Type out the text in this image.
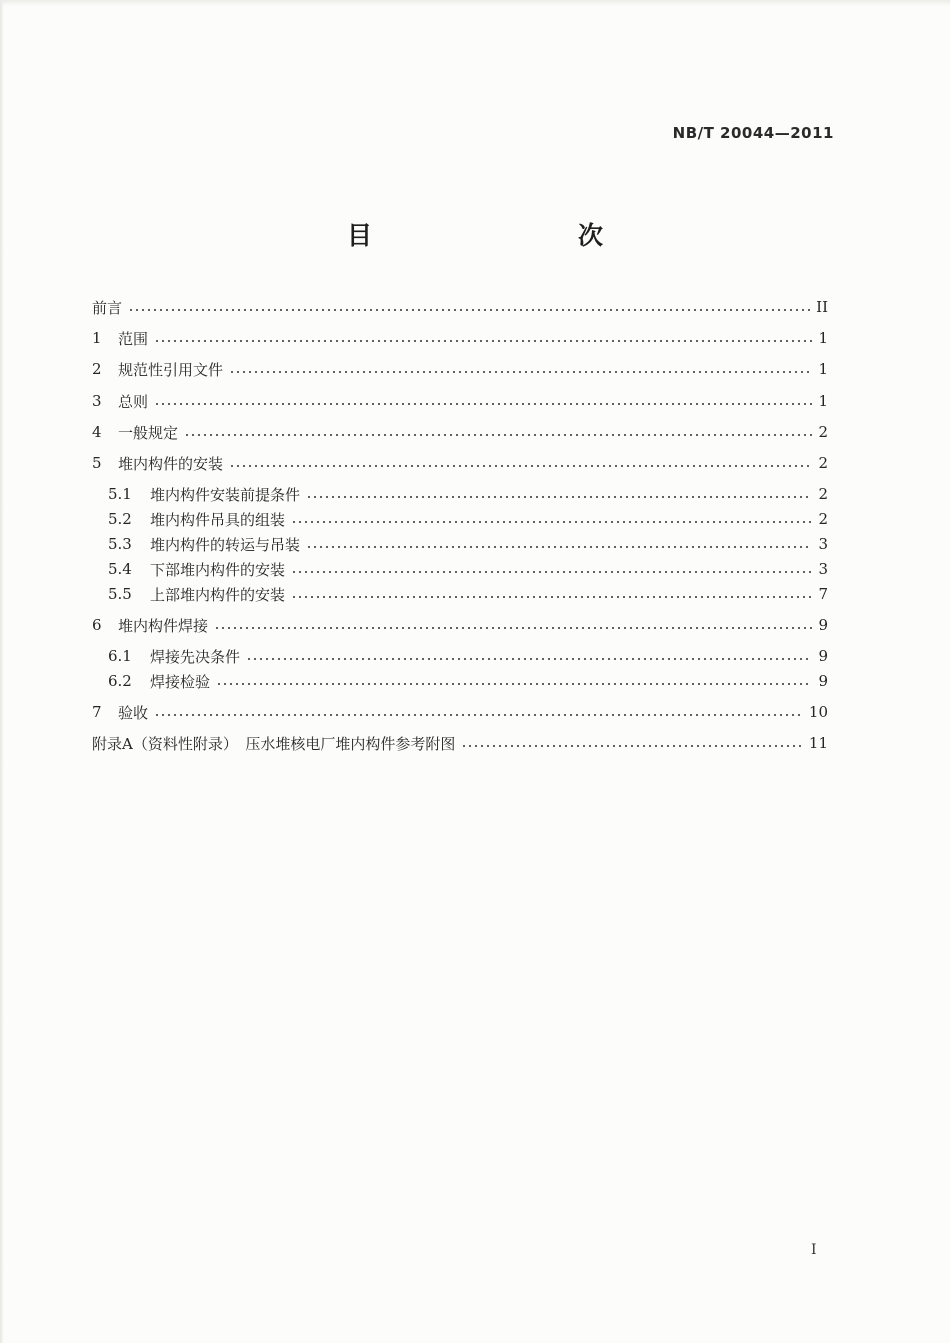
NB/T 20044—2011
目　　次
前言	II
1	范围	1
2	规范性引用文件	1
3	总则	1
4	一般规定	2
5	堆内构件的安装	2
5.1	堆内构件安装前提条件	2
5.2	堆内构件吊具的组装	2
5.3	堆内构件的转运与吊装	3
5.4	下部堆内构件的安装	3
5.5	上部堆内构件的安装	7
6	堆内构件焊接	9
6.1	焊接先决条件	9
6.2	焊接检验	9
7	验收	10
附录A（资料性附录）　压水堆核电厂堆内构件参考附图	11
I
